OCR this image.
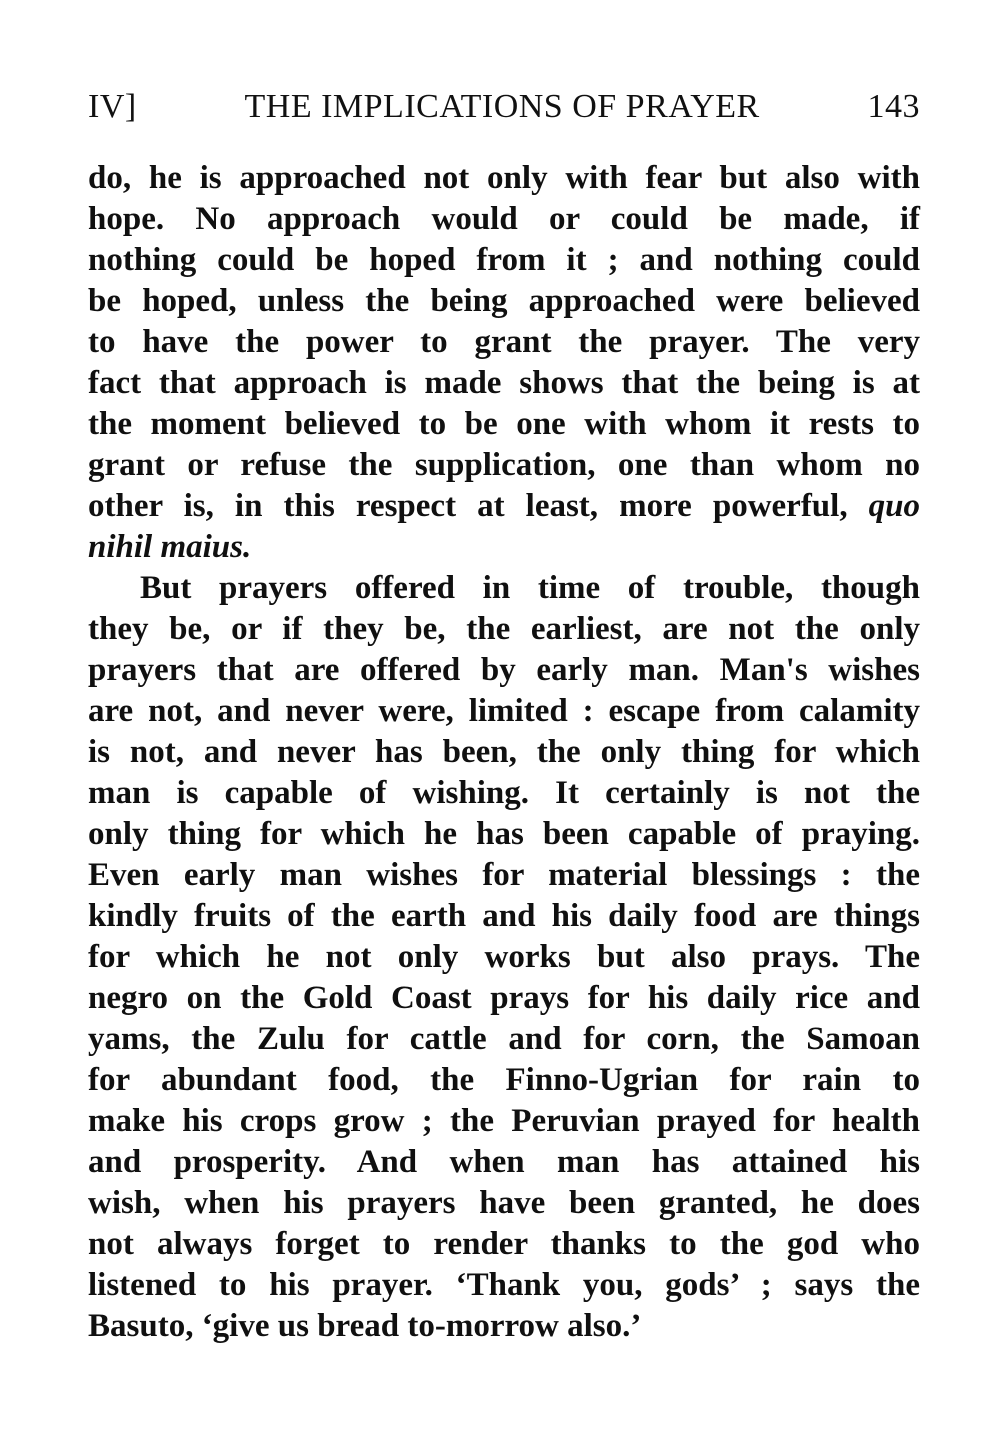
IV]	THE IMPLICATIONS OF PRAYER	143
do, he is approached not only with fear but also with
hope. No approach would or could be made, if
nothing could be hoped from it ; and nothing could
be hoped, unless the being approached were believed
to have the power to grant the prayer. The very
fact that approach is made shows that the being is at
the moment believed to be one with whom it rests to
grant or refuse the supplication, one than whom no
other is, in this respect at least, more powerful, quo
nihil maius.
But prayers offered in time of trouble, though
they be, or if they be, the earliest, are not the only
prayers that are offered by early man. Man's wishes
are not, and never were, limited : escape from calamity
is not, and never has been, the only thing for which
man is capable of wishing. It certainly is not the
only thing for which he has been capable of praying.
Even early man wishes for material blessings : the
kindly fruits of the earth and his daily food are things
for which he not only works but also prays. The
negro on the Gold Coast prays for his daily rice and
yams, the Zulu for cattle and for corn, the Samoan
for abundant food, the Finno-Ugrian for rain to
make his crops grow ; the Peruvian prayed for health
and prosperity. And when man has attained his
wish, when his prayers have been granted, he does
not always forget to render thanks to the god who
listened to his prayer. ‘Thank you, gods’ ; says the
Basuto, ‘give us bread to-morrow also.’
